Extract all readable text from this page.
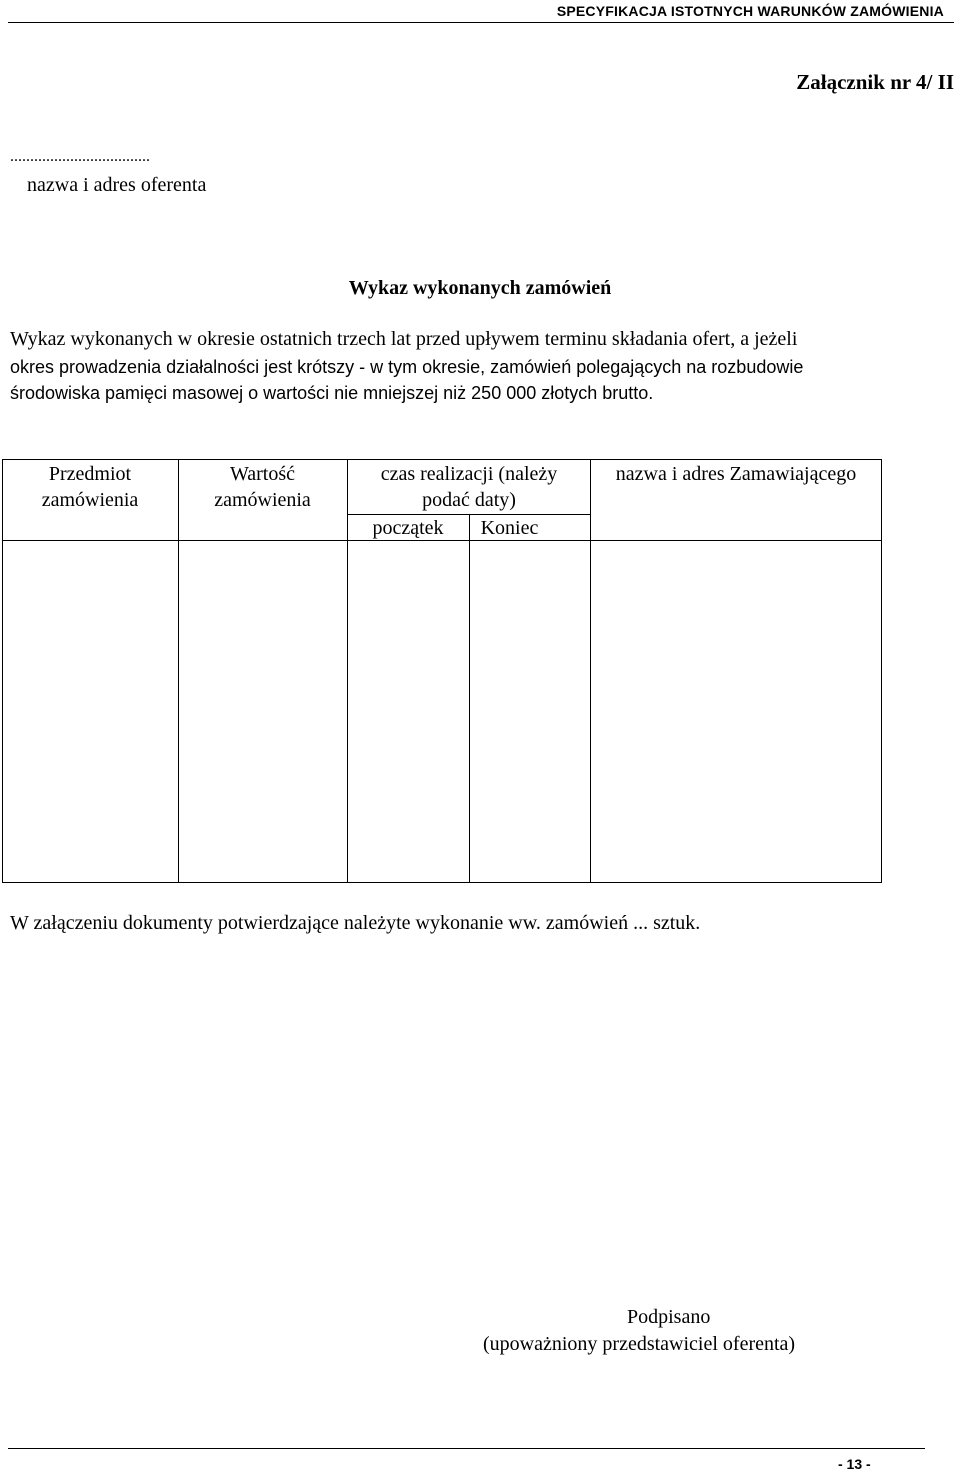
SPECYFIKACJA ISTOTNYCH WARUNKÓW ZAMÓWIENIA
Załącznik nr 4/ II
...................................
nazwa i adres oferenta
Wykaz wykonanych zamówień
Wykaz wykonanych w okresie ostatnich trzech lat przed upływem terminu składania ofert, a jeżeli
okres prowadzenia działalności jest krótszy - w tym okresie, zamówień polegających na rozbudowie
środowiska pamięci masowej o wartości nie mniejszej niż 250 000 złotych brutto.
Przedmiot
zamówienia
Wartość
zamówienia
czas realizacji (należy
podać daty)
początek	Koniec
nazwa i adres Zamawiającego
W załączeniu dokumenty potwierdzające należyte wykonanie ww. zamówień ... sztuk.
Podpisano
(upoważniony przedstawiciel oferenta)
- 13 -
